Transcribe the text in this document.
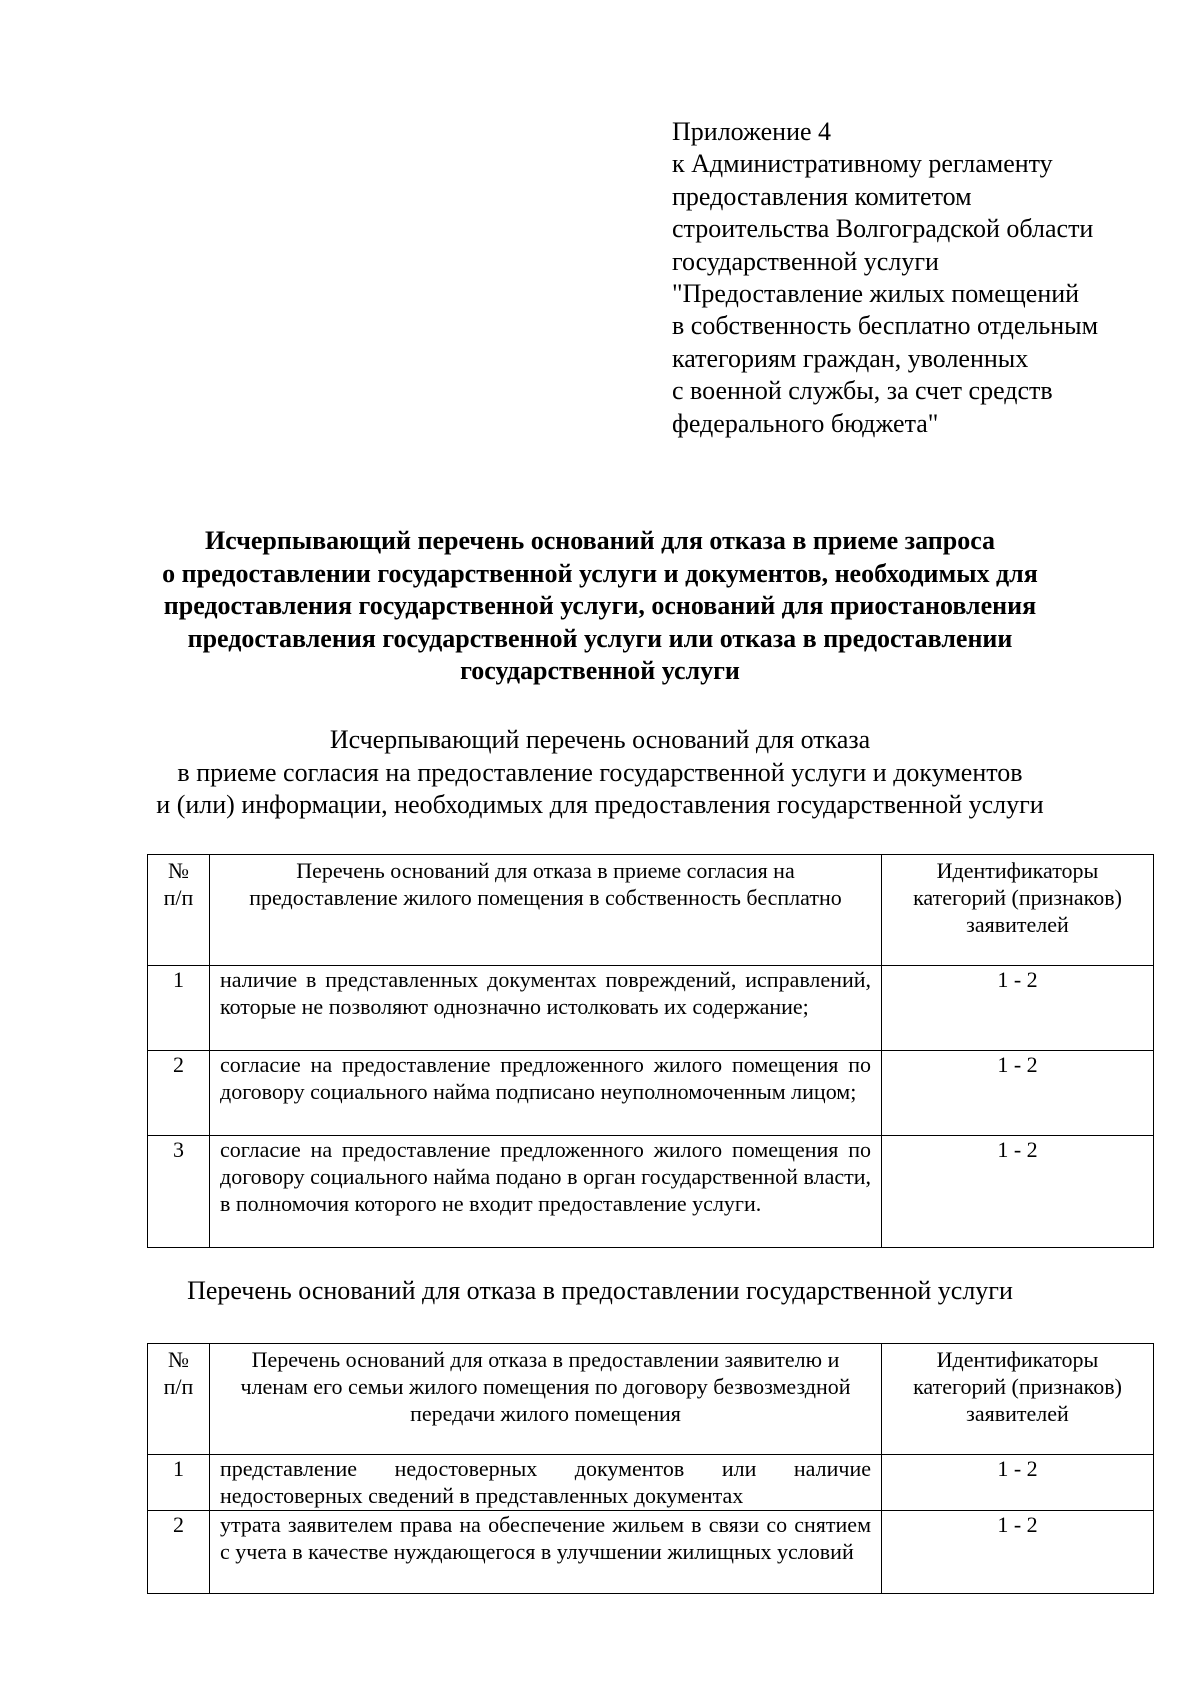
Приложение 4
к Административному регламенту
предоставления комитетом
строительства Волгоградской области
государственной услуги
"Предоставление жилых помещений
в собственность бесплатно отдельным
категориям граждан, уволенных
с военной службы, за счет средств
федерального бюджета"
Исчерпывающий перечень оснований для отказа в приеме запроса
о предоставлении государственной услуги и документов, необходимых для
предоставления государственной услуги, оснований для приостановления
предоставления государственной услуги или отказа в предоставлении
государственной услуги
Исчерпывающий перечень оснований для отказа
в приеме согласия на предоставление государственной услуги и документов
и (или) информации, необходимых для предоставления государственной услуги
№ п/п	Перечень оснований для отказа в приеме согласия на предоставление жилого помещения в собственность бесплатно	Идентификаторы категорий (признаков) заявителей
1	наличие в представленных документах повреждений, исправлений, которые не позволяют однозначно истолковать их содержание;	1 - 2
2	согласие на предоставление предложенного жилого помещения по договору социального найма подписано неуполномоченным лицом;	1 - 2
3	согласие на предоставление предложенного жилого помещения по договору социального найма подано в орган государственной власти, в полномочия которого не входит предоставление услуги.	1 - 2
Перечень оснований для отказа в предоставлении государственной услуги
№ п/п	Перечень оснований для отказа в предоставлении заявителю и членам его семьи жилого помещения по договору безвозмездной передачи жилого помещения	Идентификаторы категорий (признаков) заявителей
1	представление недостоверных документов или наличие недостоверных сведений в представленных документах	1 - 2
2	утрата заявителем права на обеспечение жильем в связи со снятием с учета в качестве нуждающегося в улучшении жилищных условий	1 - 2
